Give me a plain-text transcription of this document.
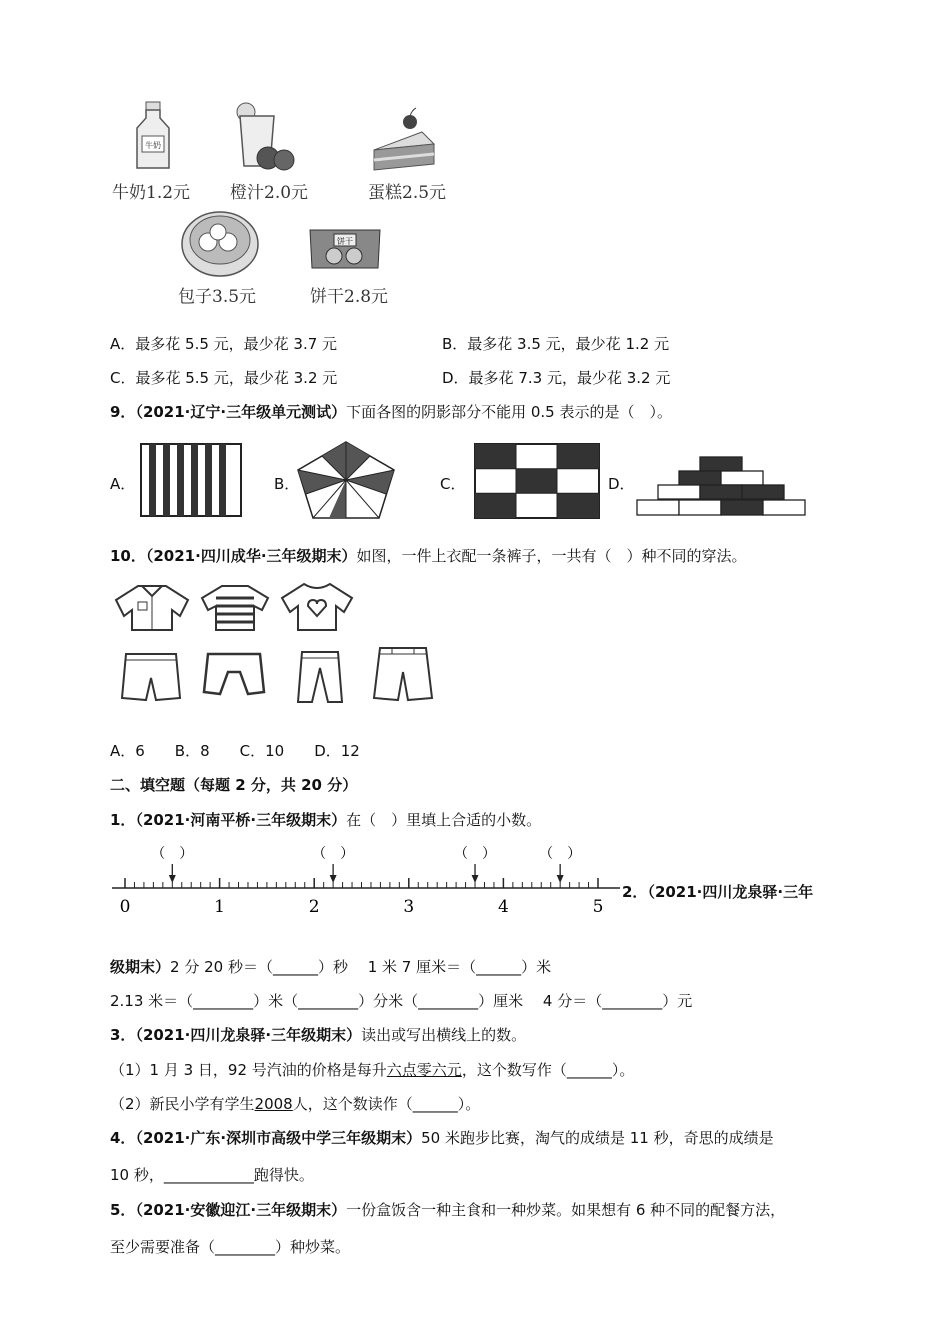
牛奶
饼干
牛奶1.2元 橙汁2.0元	蛋糕2.5元
包子3.5元	饼干2.8元
A．最多花 5.5 元，最少花 3.7 元	B．最多花 3.5 元，最少花 1.2 元
C．最多花 5.5 元，最少花 3.2 元	D．最多花 7.3 元，最少花 3.2 元
9．（2021·辽宁·三年级单元测试）下面各图的阴影部分不能用 0.5 表示的是（　）。
A．	B．	C．	D．
10．（2021·四川成华·三年级期末）如图，一件上衣配一条裤子，一共有（　）种不同的穿法。
A．6　　B．8　　C．10　　D．12
二、填空题（每题 2 分，共 20 分）
1．（2021·河南平桥·三年级期末）在（　）里填上合适的小数。
0	1	2	3	4	5
（　）	（　）	（　）	（　）
2．（2021·四川龙泉驿·三年
级期末）2 分 20 秒＝（______）秒　 1 米 7 厘米＝（______）米
2.13 米＝（________）米（________）分米（________）厘米　 4 分＝（________）元
3．（2021·四川龙泉驿·三年级期末）读出或写出横线上的数。
（1）1 月 3 日，92 号汽油的价格是每升六点零六元，这个数写作（______）。
（2）新民小学有学生2008人，这个数读作（______）。
4．（2021·广东·深圳市高级中学三年级期末）50 米跑步比赛，淘气的成绩是 11 秒，奇思的成绩是
10 秒，____________跑得快。
5．（2021·安徽迎江·三年级期末）一份盒饭含一种主食和一种炒菜。如果想有 6 种不同的配餐方法，
至少需要准备（________）种炒菜。
